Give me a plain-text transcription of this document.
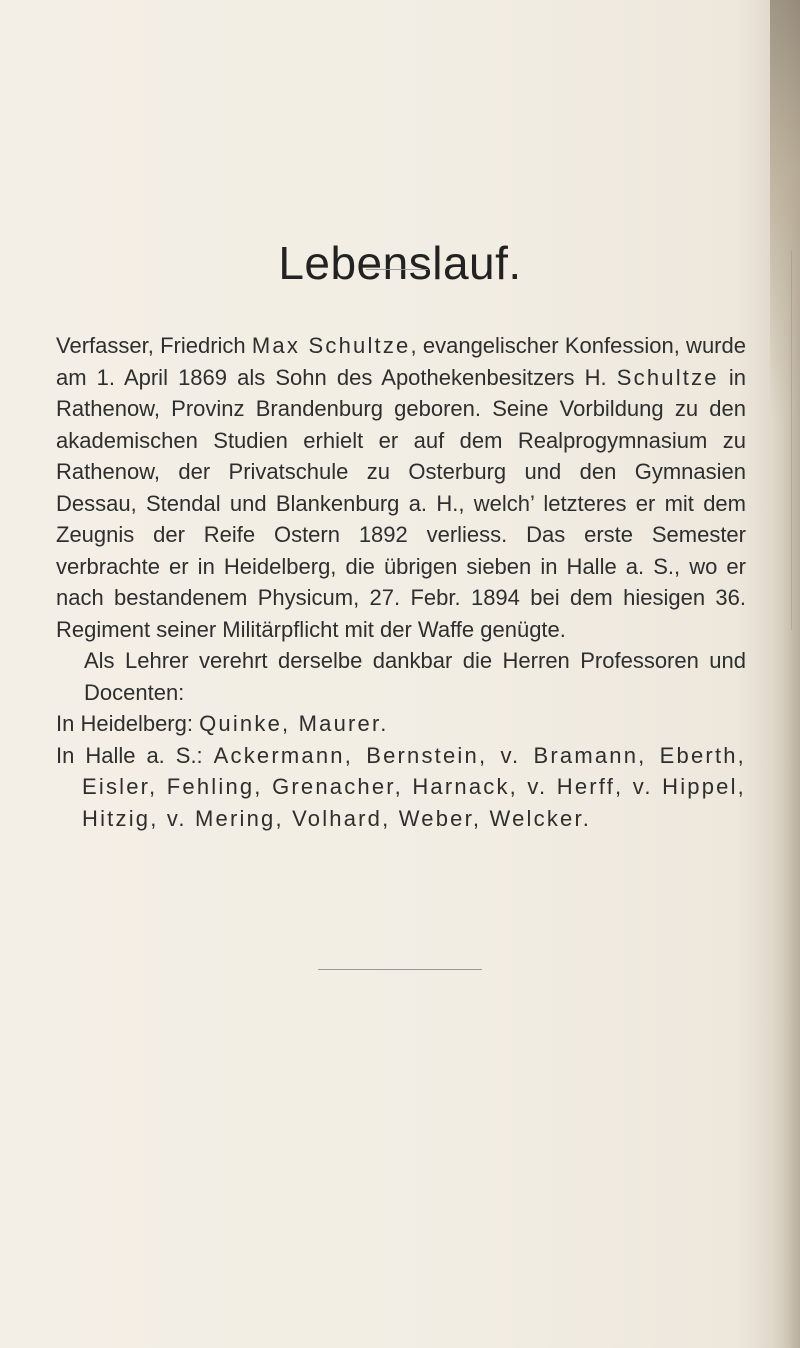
Lebenslauf.

Verfasser, Friedrich Max Schultze, evangelischer Konfession, wurde am 1. April 1869 als Sohn des Apothekenbesitzers H. Schultze in Rathenow, Provinz Brandenburg geboren. Seine Vorbildung zu den akademischen Studien erhielt er auf dem Realprogymnasium zu Rathenow, der Privatschule zu Osterburg und den Gymnasien Dessau, Stendal und Blankenburg a. H., welch’ letzteres er mit dem Zeugnis der Reife Ostern 1892 verliess. Das erste Semester verbrachte er in Heidelberg, die übrigen sieben in Halle a. S., wo er nach bestandenem Physicum, 27. Febr. 1894 bei dem hiesigen 36. Regiment seiner Militärpflicht mit der Waffe genügte.

Als Lehrer verehrt derselbe dankbar die Herren Professoren und Docenten:

In Heidelberg: Quinke, Maurer.

In Halle a. S.: Ackermann, Bernstein, v. Bramann, Eberth, Eisler, Fehling, Grenacher, Harnack, v. Herff, v. Hippel, Hitzig, v. Mering, Volhard, Weber, Welcker.
